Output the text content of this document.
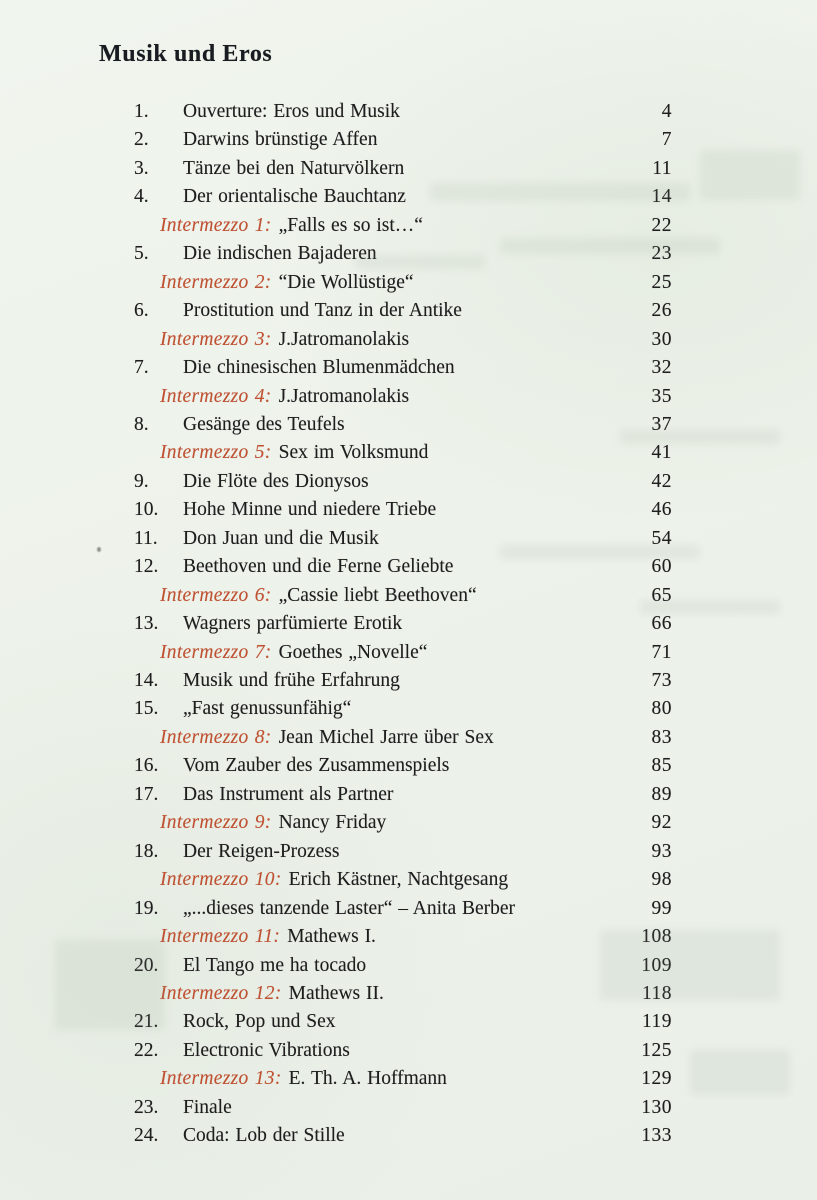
Musik und Eros
1. Ouverture: Eros und Musik	4
2. Darwins brünstige Affen	7
3. Tänze bei den Naturvölkern	11
4. Der orientalische Bauchtanz	14
Intermezzo 1: „Falls es so ist…“	22
5. Die indischen Bajaderen	23
Intermezzo 2: “Die Wollüstige“	25
6. Prostitution und Tanz in der Antike	26
Intermezzo 3: J.Jatromanolakis	30
7. Die chinesischen Blumenmädchen	32
Intermezzo 4: J.Jatromanolakis	35
8. Gesänge des Teufels	37
Intermezzo 5: Sex im Volksmund	41
9. Die Flöte des Dionysos	42
10. Hohe Minne und niedere Triebe	46
11. Don Juan und die Musik	54
12. Beethoven und die Ferne Geliebte	60
Intermezzo 6: „Cassie liebt Beethoven“	65
13. Wagners parfümierte Erotik	66
Intermezzo 7: Goethes „Novelle“	71
14. Musik und frühe Erfahrung	73
15. „Fast genussunfähig“	80
Intermezzo 8: Jean Michel Jarre über Sex	83
16. Vom Zauber des Zusammenspiels	85
17. Das Instrument als Partner	89
Intermezzo 9: Nancy Friday	92
18. Der Reigen-Prozess	93
Intermezzo 10: Erich Kästner, Nachtgesang	98
19. „...dieses tanzende Laster“ – Anita Berber	99
Intermezzo 11: Mathews I.	108
20. El Tango me ha tocado	109
Intermezzo 12: Mathews II.	118
21. Rock, Pop und Sex	119
22. Electronic Vibrations	125
Intermezzo 13: E. Th. A. Hoffmann	129
23. Finale	130
24. Coda: Lob der Stille	133
